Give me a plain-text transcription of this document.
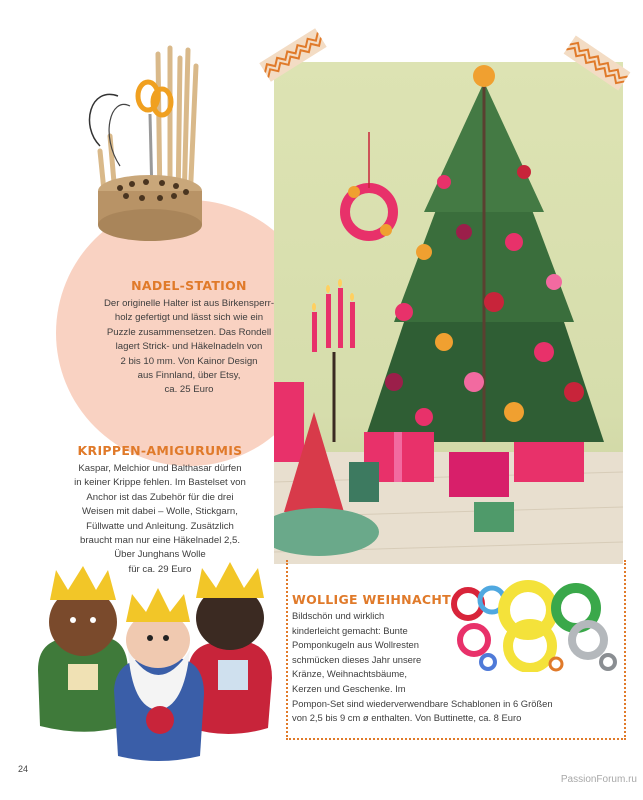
NADEL-STATION
Der originelle Halter ist aus Birkensperr-
holz gefertigt und lässt sich wie ein
Puzzle zusammensetzen. Das Rondell
lagert Strick- und Häkelnadeln von
2 bis 10 mm. Von Kainor Design
aus Finnland, über Etsy,
ca. 25 Euro
KRIPPEN-AMIGURUMIS
Kaspar, Melchior und Balthasar dürfen
in keiner Krippe fehlen. Im Bastelset von
Anchor ist das Zubehör für die drei
Weisen mit dabei – Wolle, Stickgarn,
Füllwatte und Anleitung. Zusätzlich
braucht man nur eine Häkelnadel 2,5.
Über Junghans Wolle
für ca. 29 Euro
WOLLIGE WEIHNACHT
Bildschön und wirklich
kinderleicht gemacht: Bunte
Pomponkugeln aus Wollresten
schmücken dieses Jahr unsere
Kränze, Weihnachtsbäume,
Kerzen und Geschenke. Im
Pompon-Set sind wiederverwendbare Schablonen in 6 Größen
von 2,5 bis 9 cm ø enthalten. Von Buttinette, ca. 8 Euro
24
PassionForum.ru
